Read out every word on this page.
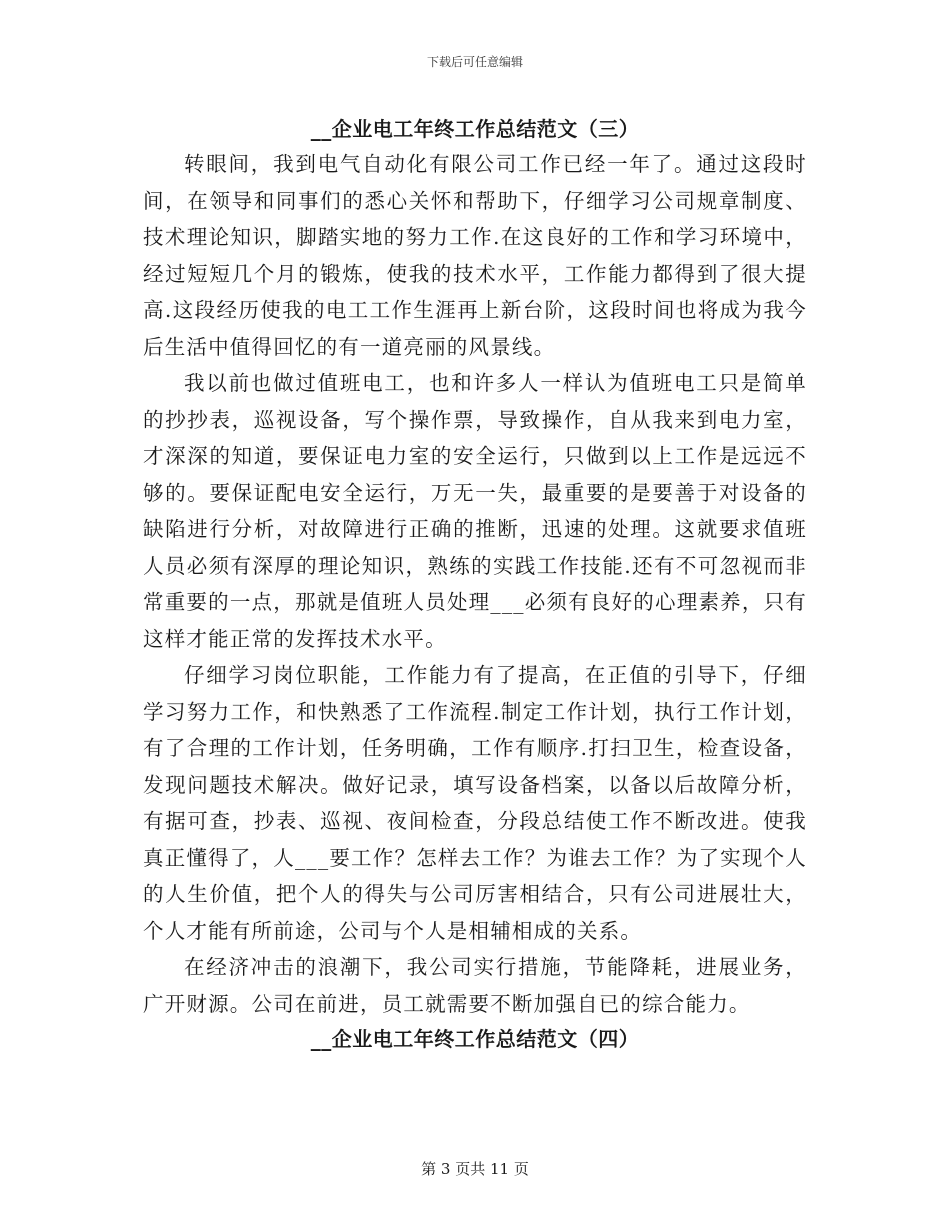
下载后可任意编辑
__企业电工年终工作总结范文（三）

转眼间，我到电气自动化有限公司工作已经一年了。通过这段时间，在领导和同事们的悉心关怀和帮助下，仔细学习公司规章制度、技术理论知识，脚踏实地的努力工作.在这良好的工作和学习环境中，经过短短几个月的锻炼，使我的技术水平，工作能力都得到了很大提高.这段经历使我的电工工作生涯再上新台阶，这段时间也将成为我今后生活中值得回忆的有一道亮丽的风景线。

我以前也做过值班电工，也和许多人一样认为值班电工只是简单的抄抄表，巡视设备，写个操作票，导致操作，自从我来到电力室，才深深的知道，要保证电力室的安全运行，只做到以上工作是远远不够的。要保证配电安全运行，万无一失，最重要的是要善于对设备的缺陷进行分析，对故障进行正确的推断，迅速的处理。这就要求值班人员必须有深厚的理论知识，熟练的实践工作技能.还有不可忽视而非常重要的一点，那就是值班人员处理___必须有良好的心理素养，只有这样才能正常的发挥技术水平。

仔细学习岗位职能，工作能力有了提高，在正值的引导下，仔细学习努力工作，和快熟悉了工作流程.制定工作计划，执行工作计划，有了合理的工作计划，任务明确，工作有顺序.打扫卫生，检查设备，发现问题技术解决。做好记录，填写设备档案，以备以后故障分析，有据可查，抄表、巡视、夜间检查，分段总结使工作不断改进。使我真正懂得了，人___要工作？怎样去工作？为谁去工作？为了实现个人的人生价值，把个人的得失与公司厉害相结合，只有公司进展壮大，个人才能有所前途，公司与个人是相辅相成的关系。

在经济冲击的浪潮下，我公司实行措施，节能降耗，进展业务，广开财源。公司在前进，员工就需要不断加强自已的综合能力。

__企业电工年终工作总结范文（四）
第 3 页共 11 页
